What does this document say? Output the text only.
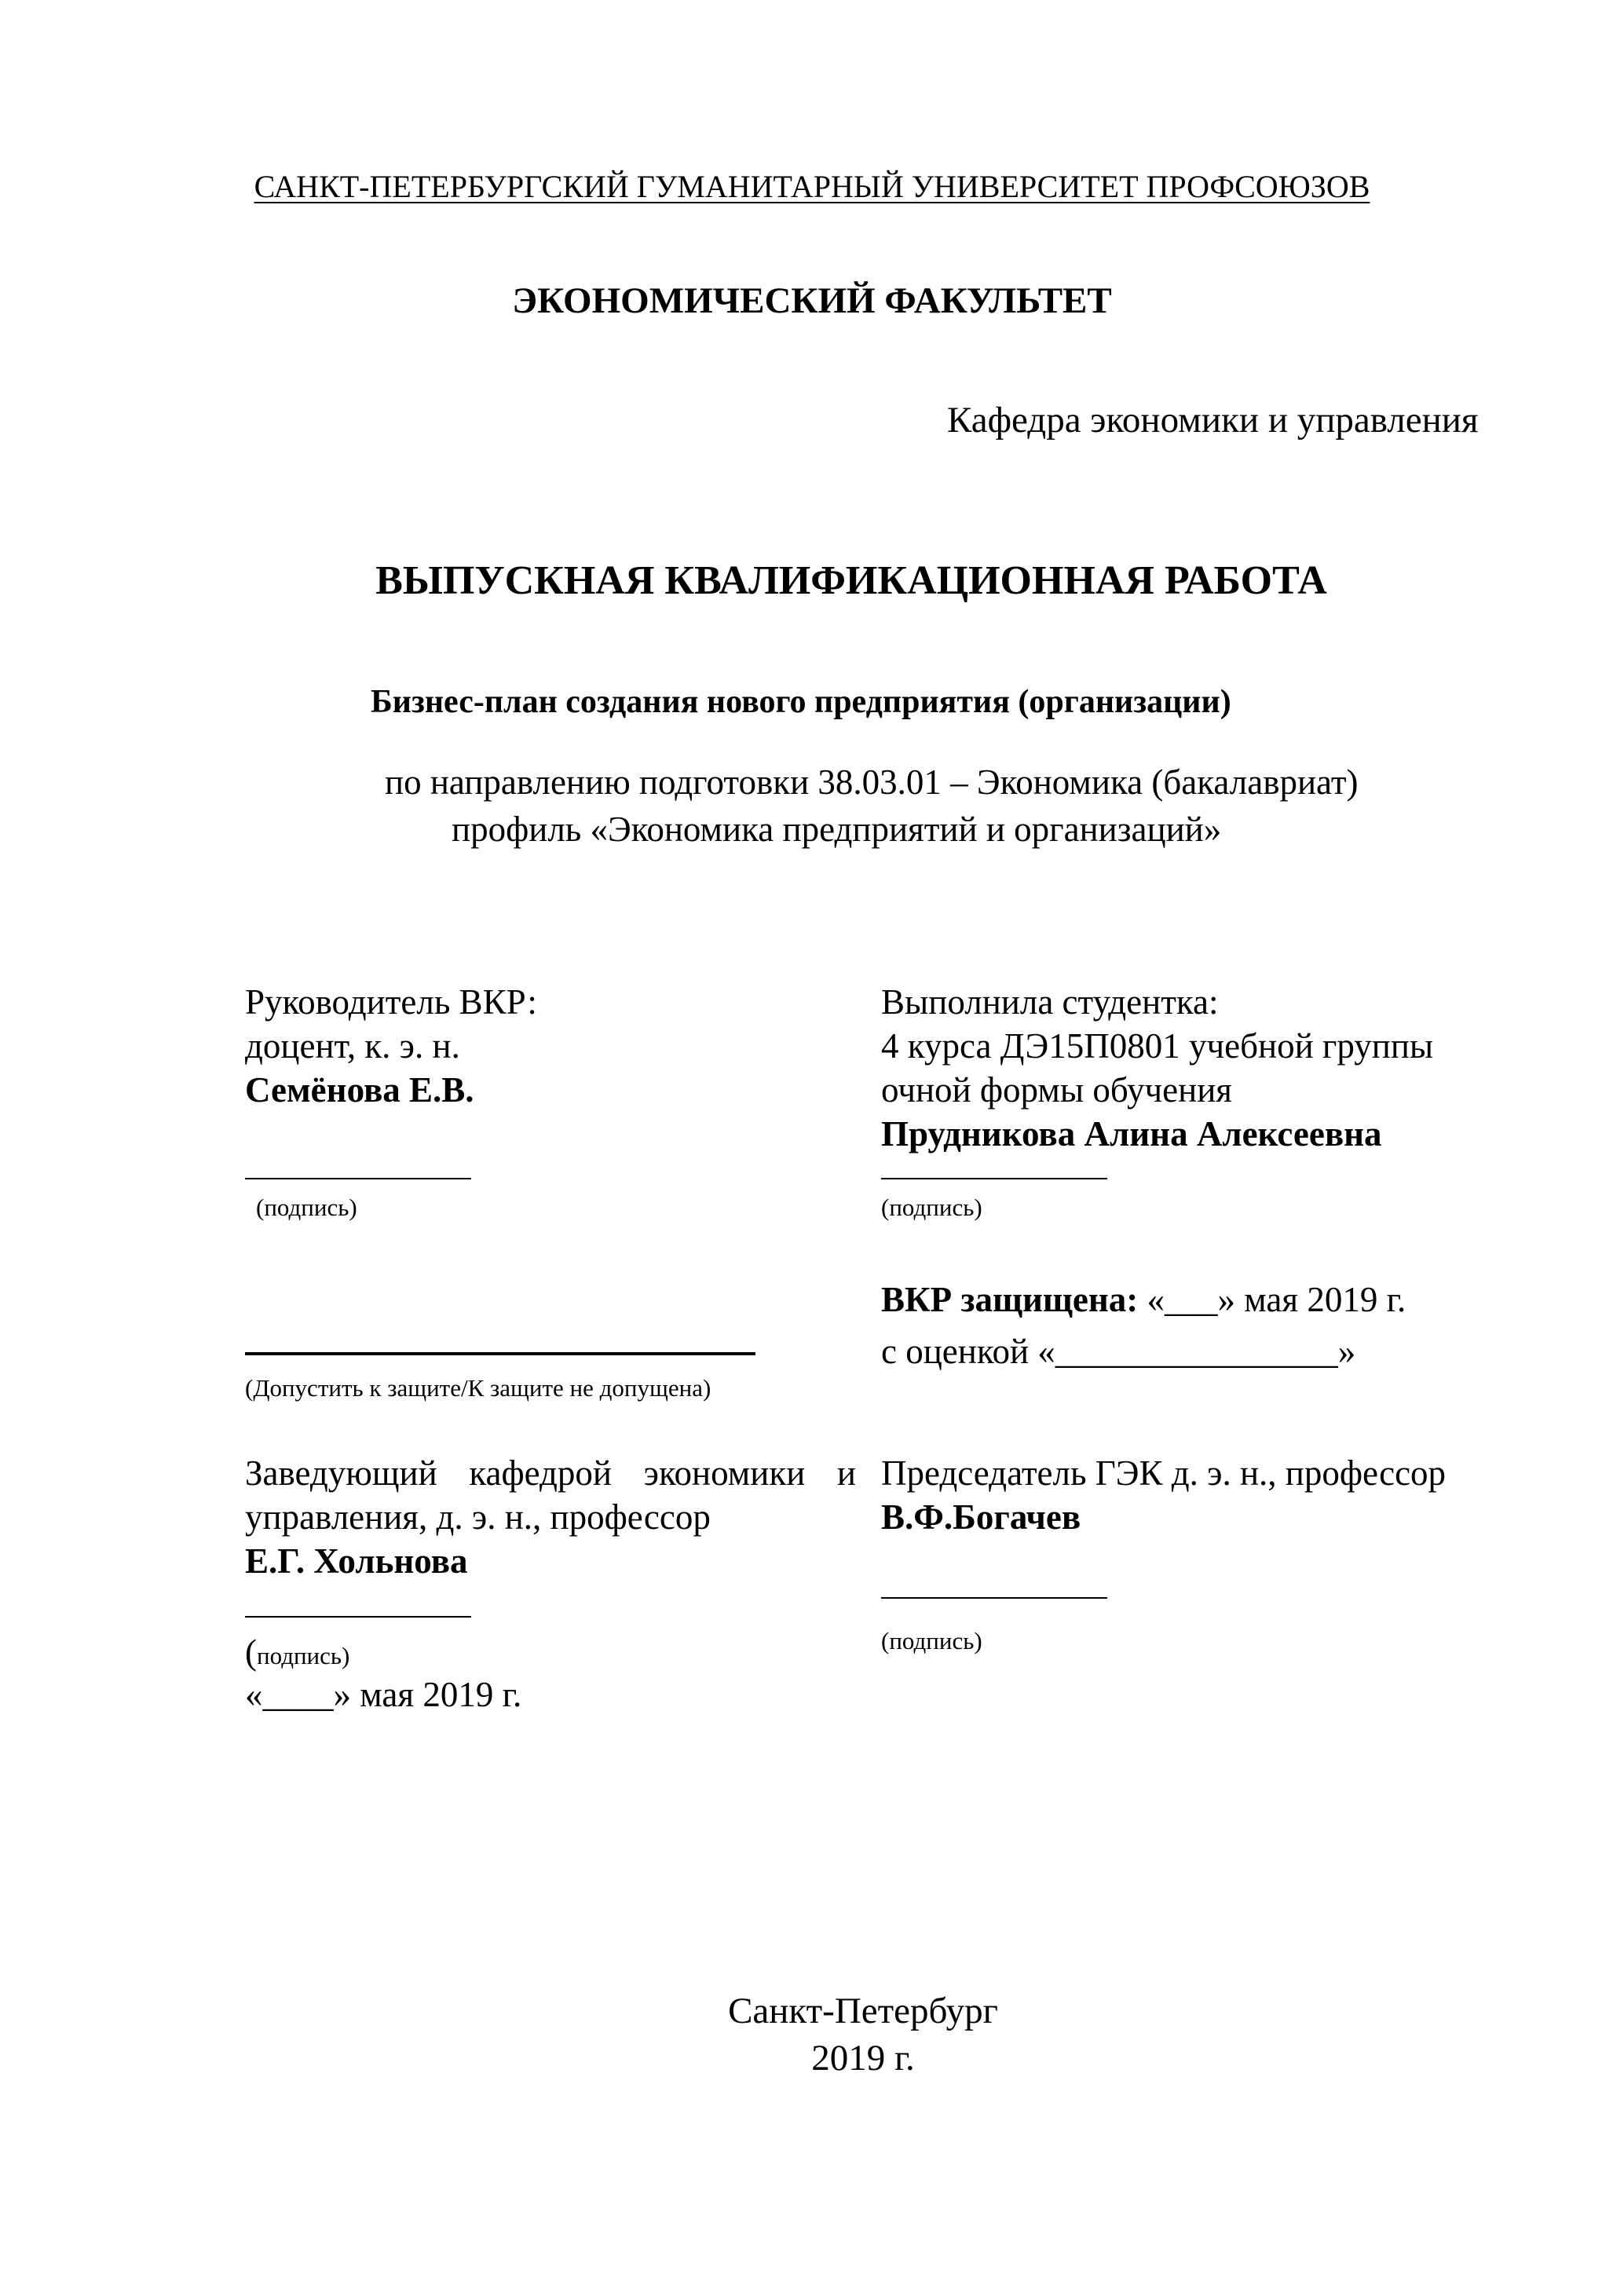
САНКТ-ПЕТЕРБУРГСКИЙ ГУМАНИТАРНЫЙ УНИВЕРСИТЕТ ПРОФСОЮЗОВ
ЭКОНОМИЧЕСКИЙ ФАКУЛЬТЕТ
Кафедра экономики и управления
ВЫПУСКНАЯ КВАЛИФИКАЦИОННАЯ РАБОТА
Бизнес-план создания нового предприятия (организации)
по направлению подготовки 38.03.01 – Экономика (бакалавриат)
профиль «Экономика предприятий и организаций»
Руководитель ВКР:
доцент, к. э. н.
Семёнова Е.В.
(подпись)
Выполнила студентка:
4 курса ДЭ15П0801 учебной группы
очной формы обучения
Прудникова Алина Алексеевна
(подпись)
(Допустить к защите/К защите не допущена)
ВКР защищена: «___» мая 2019 г.
с оценкой «________________»
Заведующий кафедрой экономики и
управления, д. э. н., профессор
Е.Г. Хольнова
(подпись)
«____» мая 2019 г.
Председатель ГЭК д. э. н., профессор
В.Ф.Богачев
(подпись)
Санкт-Петербург
2019 г.
